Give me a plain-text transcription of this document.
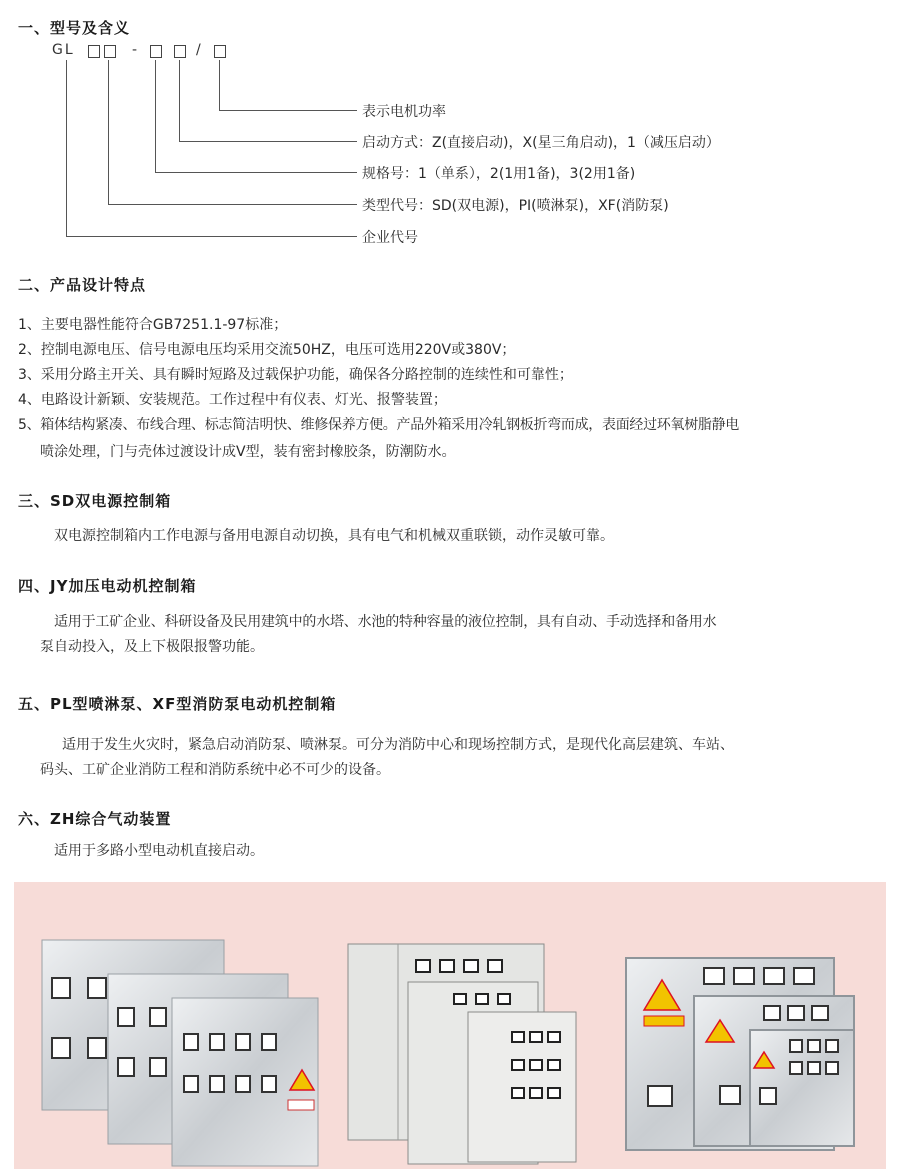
一、型号及含义
GL	-	/
表示电机功率
启动方式：Z(直接启动)，X(星三角启动)，1（减压启动）
规格号：1（单系），2(1用1备)，3(2用1备)
类型代号：SD(双电源)，PI(喷淋泵)，XF(消防泵)
企业代号
二、产品设计特点
1、主要电器性能符合GB7251.1-97标准；
2、控制电源电压、信号电源电压均采用交流50HZ，电压可选用220V或380V；
3、采用分路主开关、具有瞬时短路及过载保护功能，确保各分路控制的连续性和可靠性；
4、电路设计新颖、安装规范。工作过程中有仪表、灯光、报警装置；
5、箱体结构紧凑、布线合理、标志简洁明快、维修保养方便。产品外箱采用冷轧钢板折弯而成，表面经过环氧树脂静电
喷涂处理，门与壳体过渡设计成V型，装有密封橡胶条，防潮防水。
三、SD双电源控制箱
双电源控制箱内工作电源与备用电源自动切换，具有电气和机械双重联锁，动作灵敏可靠。
四、JY加压电动机控制箱
适用于工矿企业、科研设备及民用建筑中的水塔、水池的特种容量的液位控制，具有自动、手动选择和备用水
泵自动投入，及上下极限报警功能。
五、PL型喷淋泵、XF型消防泵电动机控制箱
适用于发生火灾时，紧急启动消防泵、喷淋泵。可分为消防中心和现场控制方式，是现代化高层建筑、车站、
码头、工矿企业消防工程和消防系统中必不可少的设备。
六、ZH综合气动装置
适用于多路小型电动机直接启动。
